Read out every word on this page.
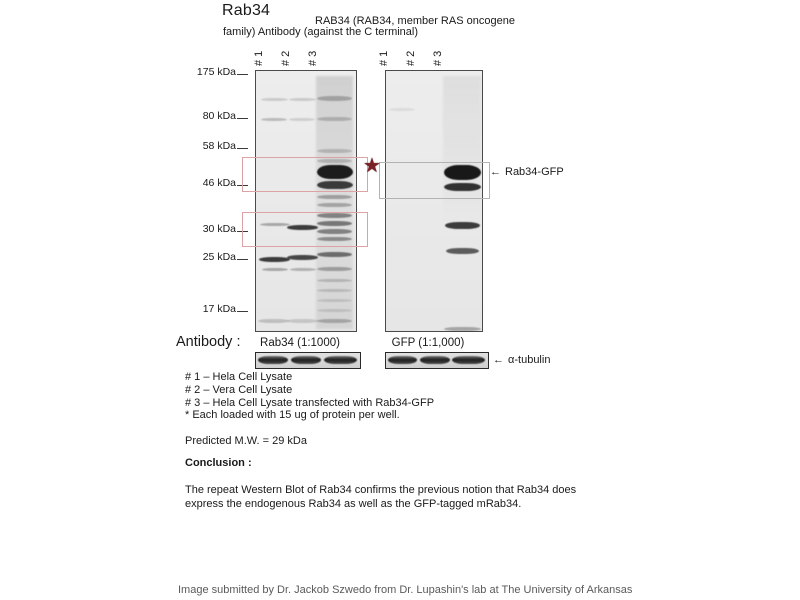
Rab34
RAB34 (RAB34, member RAS oncogene family) Antibody (against the C terminal)
# 1 # 2 # 3	# 1 # 2 # 3
175 kDa
80 kDa
58 kDa
46 kDa
30 kDa
25 kDa
17 kDa
★	← Rab34-GFP
Antibody :	Rab34 (1:1000)	GFP (1:1,000)
← α-tubulin
# 1 – Hela Cell Lysate
# 2 – Vera Cell Lysate
# 3 – Hela Cell Lysate transfected with Rab34-GFP
* Each loaded with 15 ug of protein per well.
Predicted M.W. = 29 kDa
Conclusion :
The repeat Western Blot of Rab34 confirms the previous notion that Rab34 does express the endogenous Rab34 as well as the GFP-tagged mRab34.
Image submitted by Dr. Jackob Szwedo from Dr. Lupashin's lab at The University of Arkansas
